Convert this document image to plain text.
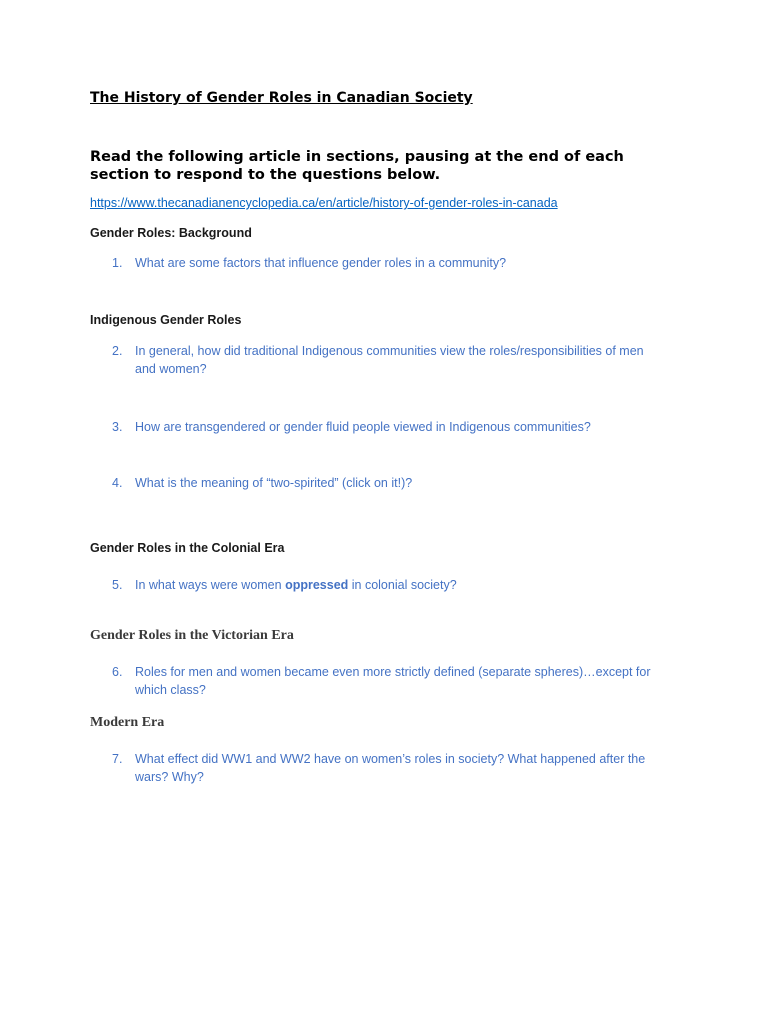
The History of Gender Roles in Canadian Society
Read the following article in sections, pausing at the end of each section to respond to the questions below.
https://www.thecanadianencyclopedia.ca/en/article/history-of-gender-roles-in-canada
Gender Roles: Background
1. What are some factors that influence gender roles in a community?
Indigenous Gender Roles
2. In general, how did traditional Indigenous communities view the roles/responsibilities of men and women?
3. How are transgendered or gender fluid people viewed in Indigenous communities?
4. What is the meaning of “two-spirited” (click on it!)?
Gender Roles in the Colonial Era
5. In what ways were women oppressed in colonial society?
Gender Roles in the Victorian Era
6. Roles for men and women became even more strictly defined (separate spheres)…except for which class?
Modern Era
7. What effect did WW1 and WW2 have on women’s roles in society? What happened after the wars? Why?
